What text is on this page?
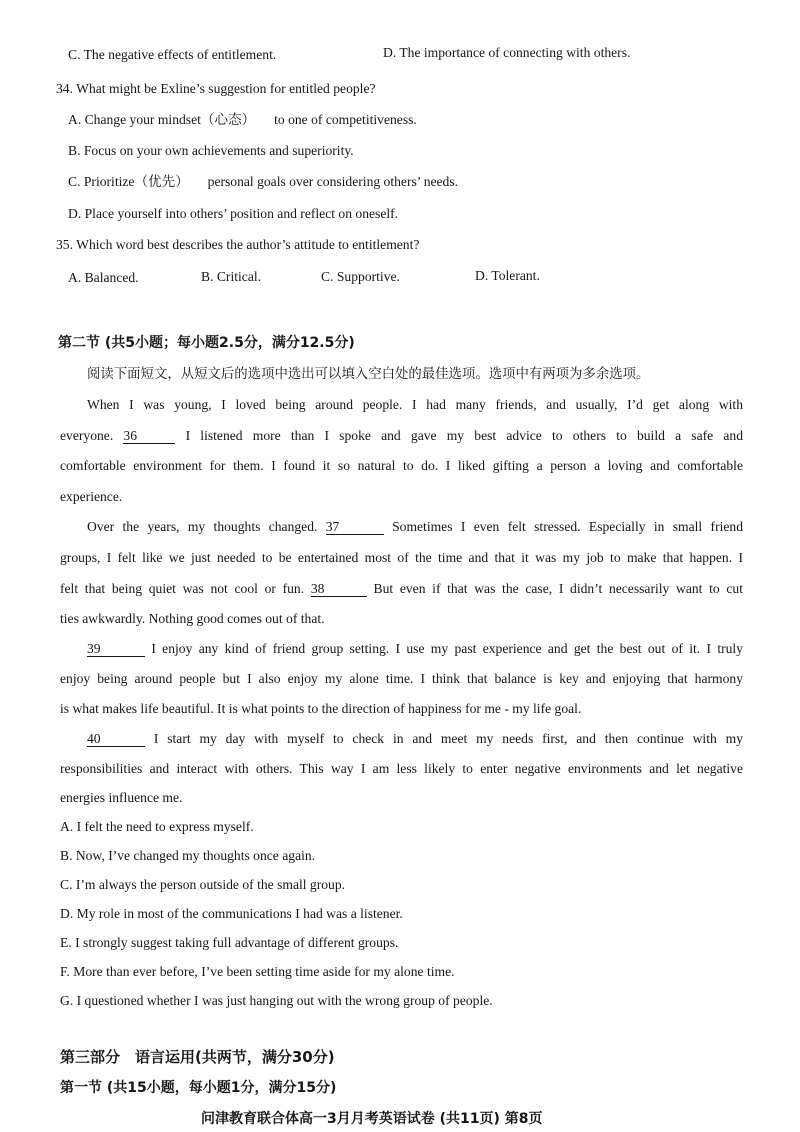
C. The negative effects of entitlement.	D. The importance of connecting with others.
34. What might be Exline’s suggestion for entitled people?
A. Change your mindset（心态） to one of competitiveness.
B. Focus on your own achievements and superiority.
C. Prioritize（优先） personal goals over considering others’ needs.
D. Place yourself into others’ position and reflect on oneself.
35. Which word best describes the author’s attitude to entitlement?
A. Balanced.	B. Critical.	C. Supportive.	D. Tolerant.
第二节 (共5小题；每小题2.5分，满分12.5分)
阅读下面短文，从短文后的选项中选出可以填入空白处的最佳选项。选项中有两项为多余选项。
When I was young, I loved being around people. I had many friends, and usually, I’d get along with
everyone. 36	I listened more than I spoke and gave my best advice to others to build a safe and
comfortable environment for them. I found it so natural to do. I liked gifting a person a loving and comfortable
experience.
Over the years, my thoughts changed. 37	Sometimes I even felt stressed. Especially in small friend
groups, I felt like we just needed to be entertained most of the time and that it was my job to make that happen. I
felt that being quiet was not cool or fun. 38	But even if that was the case, I didn’t necessarily want to cut
ties awkwardly. Nothing good comes out of that.
39	I enjoy any kind of friend group setting. I use my past experience and get the best out of it. I truly
enjoy being around people but I also enjoy my alone time. I think that balance is key and enjoying that harmony
is what makes life beautiful. It is what points to the direction of happiness for me - my life goal.
40	I start my day with myself to check in and meet my needs first, and then continue with my
responsibilities and interact with others. This way I am less likely to enter negative environments and let negative
energies influence me.
A. I felt the need to express myself.
B. Now, I’ve changed my thoughts once again.
C. I’m always the person outside of the small group.
D. My role in most of the communications I had was a listener.
E. I strongly suggest taking full advantage of different groups.
F. More than ever before, I’ve been setting time aside for my alone time.
G. I questioned whether I was just hanging out with the wrong group of people.
第三部分　语言运用(共两节，满分30分)
第一节 (共15小题，每小题1分，满分15分)
问津教育联合体高一3月月考英语试卷 (共11页) 第8页
